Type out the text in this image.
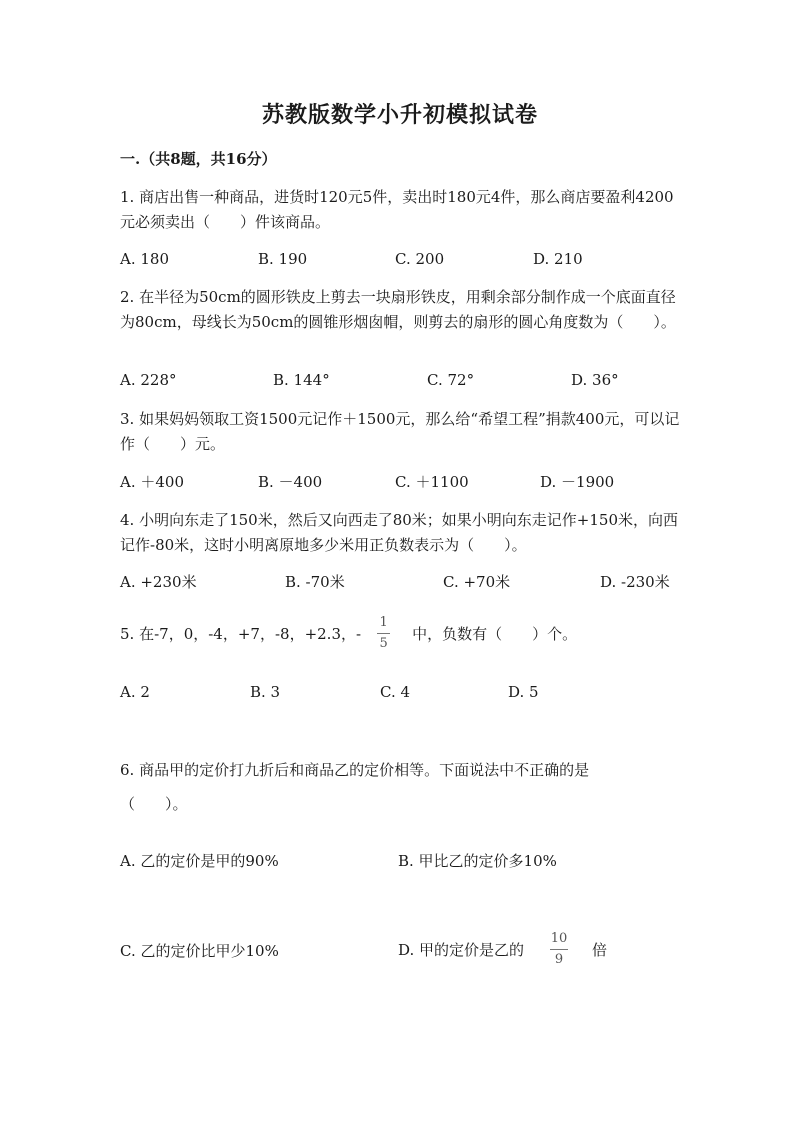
苏教版数学小升初模拟试卷
一.（共8题，共16分）
1. 商店出售一种商品，进货时120元5件，卖出时180元4件，那么商店要盈利4200元必须卖出（　　）件该商品。
A. 180	B. 190	C. 200	D. 210
2. 在半径为50cm的圆形铁皮上剪去一块扇形铁皮，用剩余部分制作成一个底面直径为80cm，母线长为50cm的圆锥形烟囱帽，则剪去的扇形的圆心角度数为（　　）。
A. 228°	B. 144°	C. 72°	D. 36°
3. 如果妈妈领取工资1500元记作＋1500元，那么给“希望工程”捐款400元，可以记作（　　）元。
A. ＋400	B. －400	C. ＋1100	D. －1900
4. 小明向东走了150米，然后又向西走了80米；如果小明向东走记作+150米，向西记作-80米，这时小明离原地多少米用正负数表示为（　　）。
A. +230米	B. -70米	C. +70米	D. -230米
5. 在-7，0，-4，+7，-8，+2.3，- $\frac{1}{5}$ 中，负数有（　　）个。
A. 2	B. 3	C. 4	D. 5
6. 商品甲的定价打九折后和商品乙的定价相等。下面说法中不正确的是
（　　）。
A. 乙的定价是甲的90%	B. 甲比乙的定价多10%
C. 乙的定价比甲少10%	D. 甲的定价是乙的 $\frac{10}{9}$ 倍
